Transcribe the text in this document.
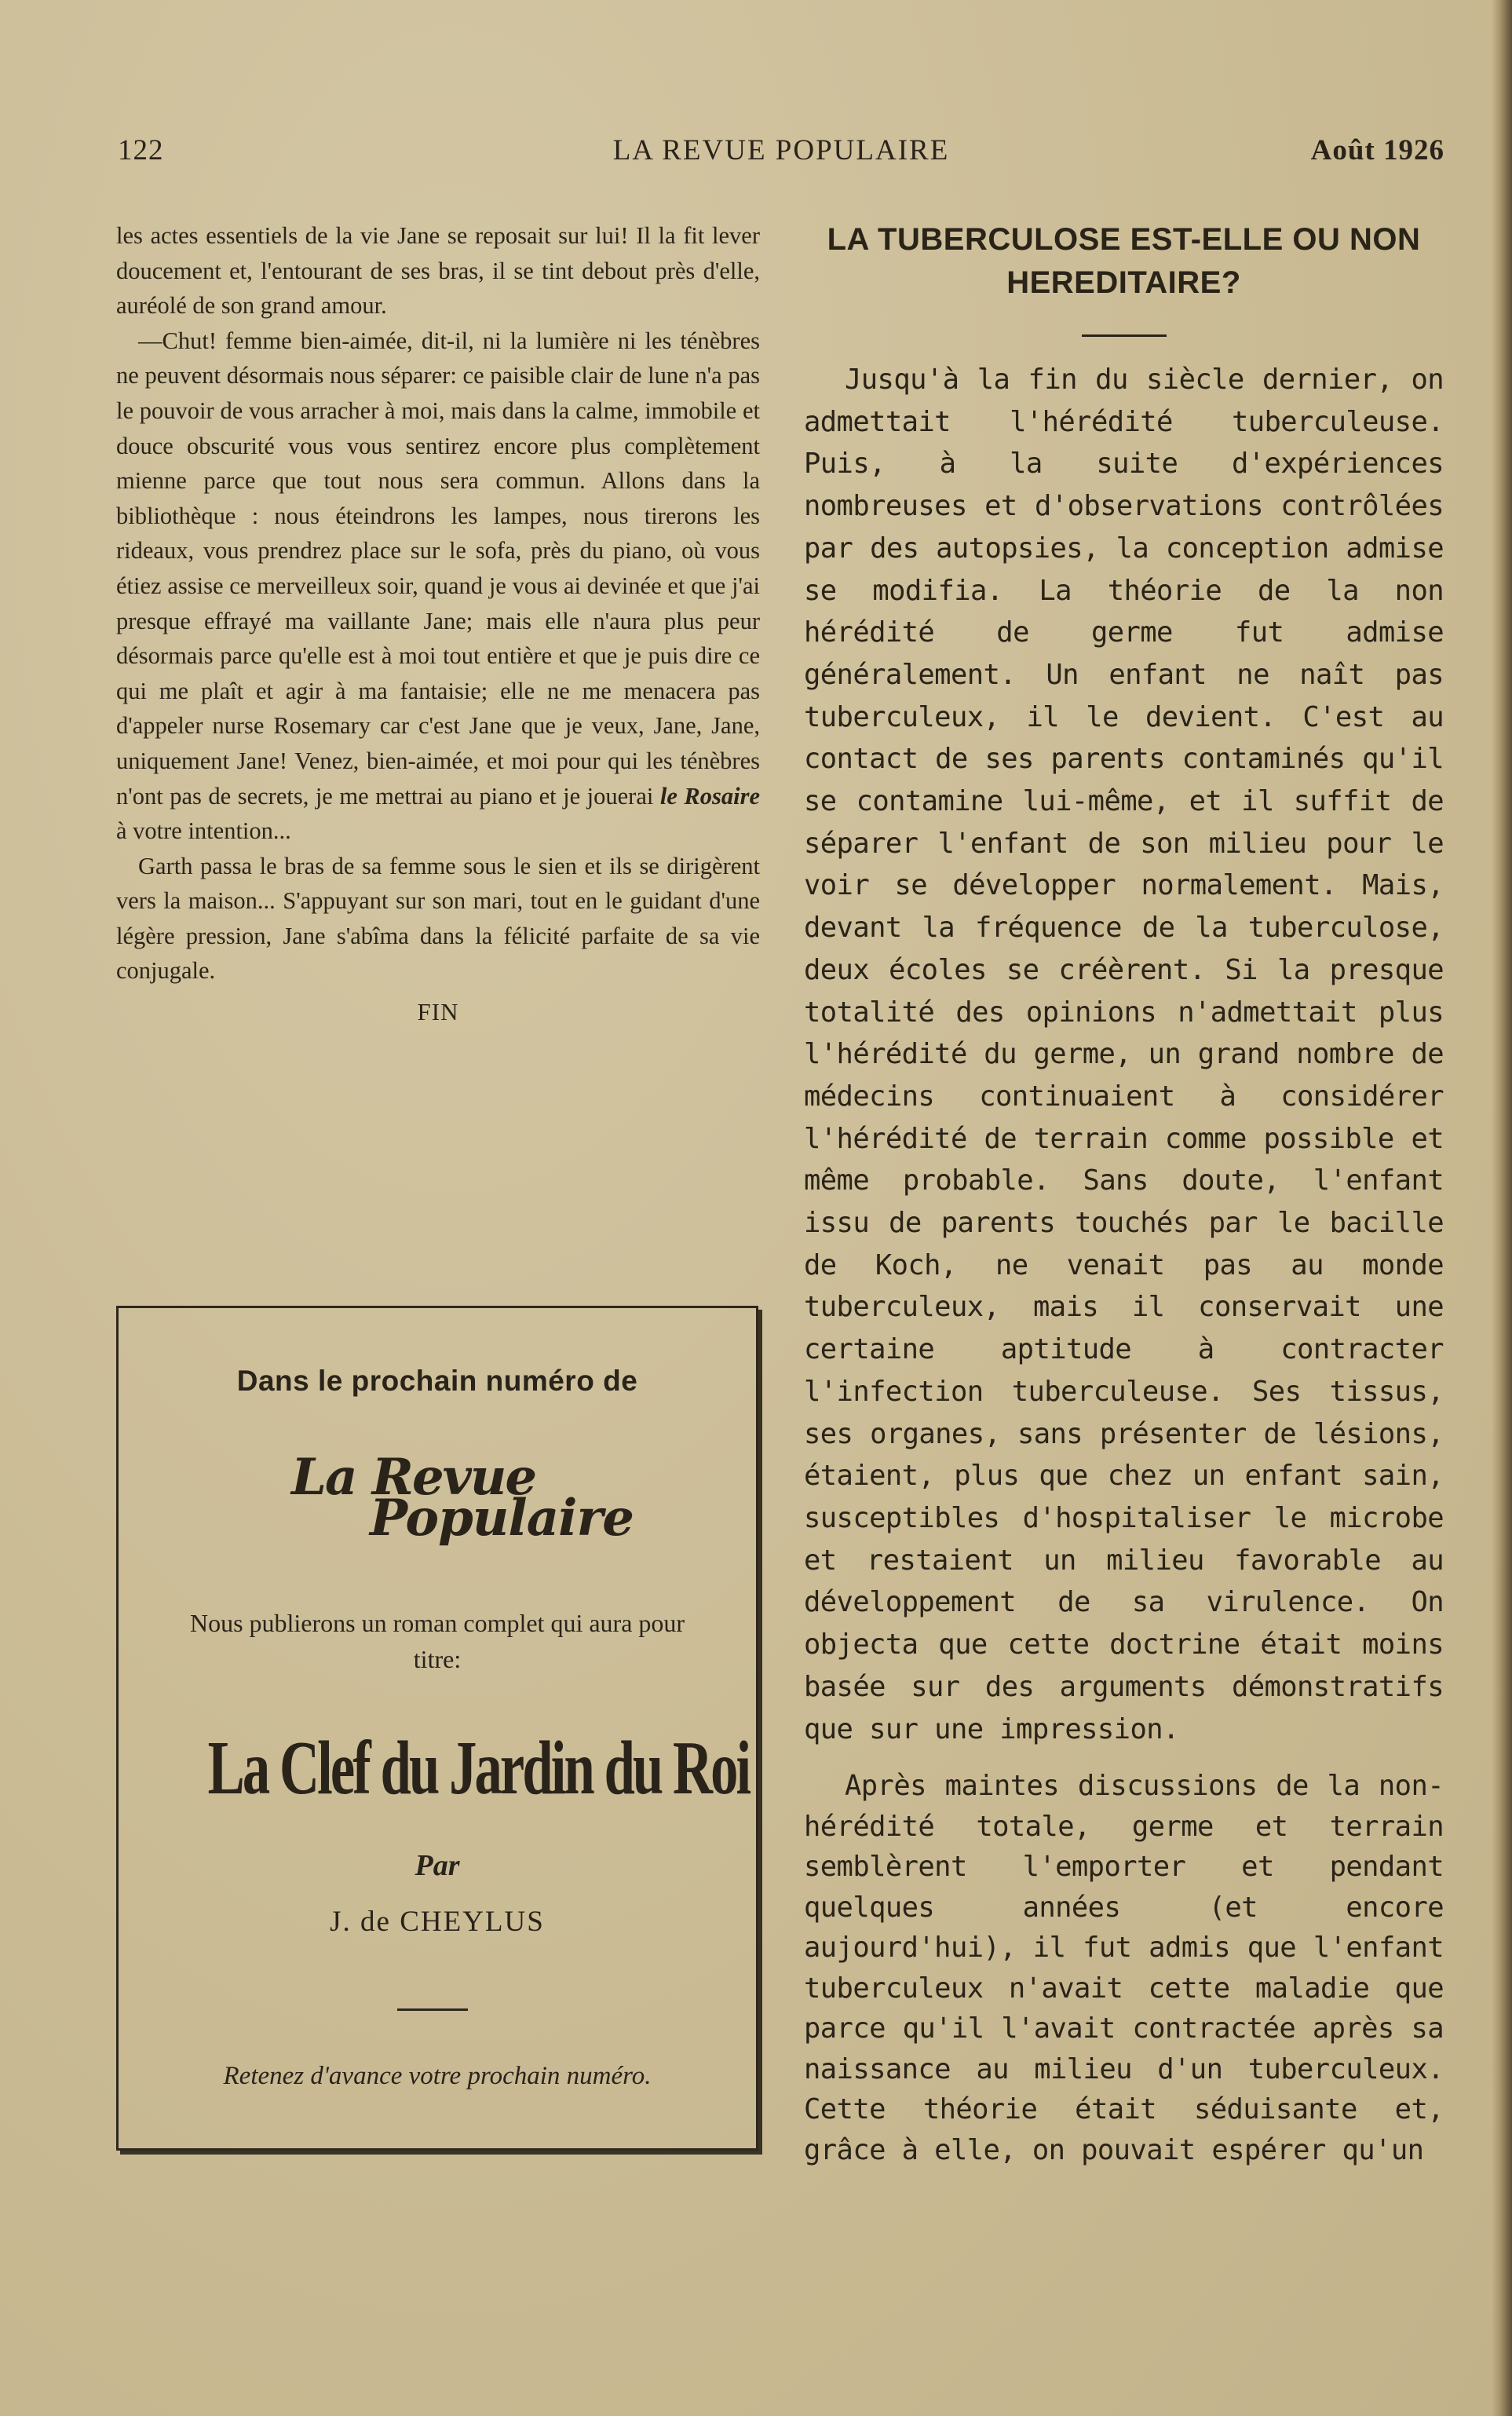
122	LA REVUE POPULAIRE	Août 1926

les actes essentiels de la vie Jane se reposait sur lui! Il la fit lever doucement et, l'entourant de ses bras, il se tint debout près d'elle, auréolé de son grand amour.

—Chut! femme bien-aimée, dit-il, ni la lumière ni les ténèbres ne peuvent désormais nous séparer: ce paisible clair de lune n'a pas le pouvoir de vous arracher à moi, mais dans la calme, immobile et douce obscurité vous vous sentirez encore plus complètement mienne parce que tout nous sera commun. Allons dans la bibliothèque : nous éteindrons les lampes, nous tirerons les rideaux, vous prendrez place sur le sofa, près du piano, où vous étiez assise ce merveilleux soir, quand je vous ai devinée et que j'ai presque effrayé ma vaillante Jane; mais elle n'aura plus peur désormais parce qu'elle est à moi tout entière et que je puis dire ce qui me plaît et agir à ma fantaisie; elle ne me menacera pas d'appeler nurse Rosemary car c'est Jane que je veux, Jane, Jane, uniquement Jane! Venez, bien-aimée, et moi pour qui les ténèbres n'ont pas de secrets, je me mettrai au piano et je jouerai le Rosaire à votre intention...

Garth passa le bras de sa femme sous le sien et ils se dirigèrent vers la maison... S'appuyant sur son mari, tout en le guidant d'une légère pression, Jane s'abîma dans la félicité parfaite de sa vie conjugale.

FIN
Dans le prochain numéro de
La Revue
Populaire
Nous publierons un roman complet qui aura pour titre:
La Clef du Jardin du Roi
Par
J. de CHEYLUS
Retenez d'avance votre prochain numéro.
LA TUBERCULOSE EST-ELLE OU NON HEREDITAIRE?

Jusqu'à la fin du siècle dernier, on admettait l'hérédité tuberculeuse. Puis, à la suite d'expériences nombreuses et d'observations contrôlées par des autopsies, la conception admise se modifia. La théorie de la non hérédité de germe fut admise généralement. Un enfant ne naît pas tuberculeux, il le devient. C'est au contact de ses parents contaminés qu'il se contamine lui-même, et il suffit de séparer l'enfant de son milieu pour le voir se développer normalement. Mais, devant la fréquence de la tuberculose, deux écoles se créèrent. Si la presque totalité des opinions n'admettait plus l'hérédité du germe, un grand nombre de médecins continuaient à considérer l'hérédité de terrain comme possible et même probable. Sans doute, l'enfant issu de parents touchés par le bacille de Koch, ne venait pas au monde tuberculeux, mais il conservait une certaine aptitude à contracter l'infection tuberculeuse. Ses tissus, ses organes, sans présenter de lésions, étaient, plus que chez un enfant sain, susceptibles d'hospitaliser le microbe et restaient un milieu favorable au développement de sa virulence. On objecta que cette doctrine était moins basée sur des arguments démonstratifs que sur une impression.

Après maintes discussions de la non-hérédité totale, germe et terrain semblèrent l'emporter et pendant quelques années (et encore aujourd'hui), il fut admis que l'enfant tuberculeux n'avait cette maladie que parce qu'il l'avait contractée après sa naissance au milieu d'un tuberculeux. Cette théorie était séduisante et, grâce à elle, on pouvait espérer qu'un
